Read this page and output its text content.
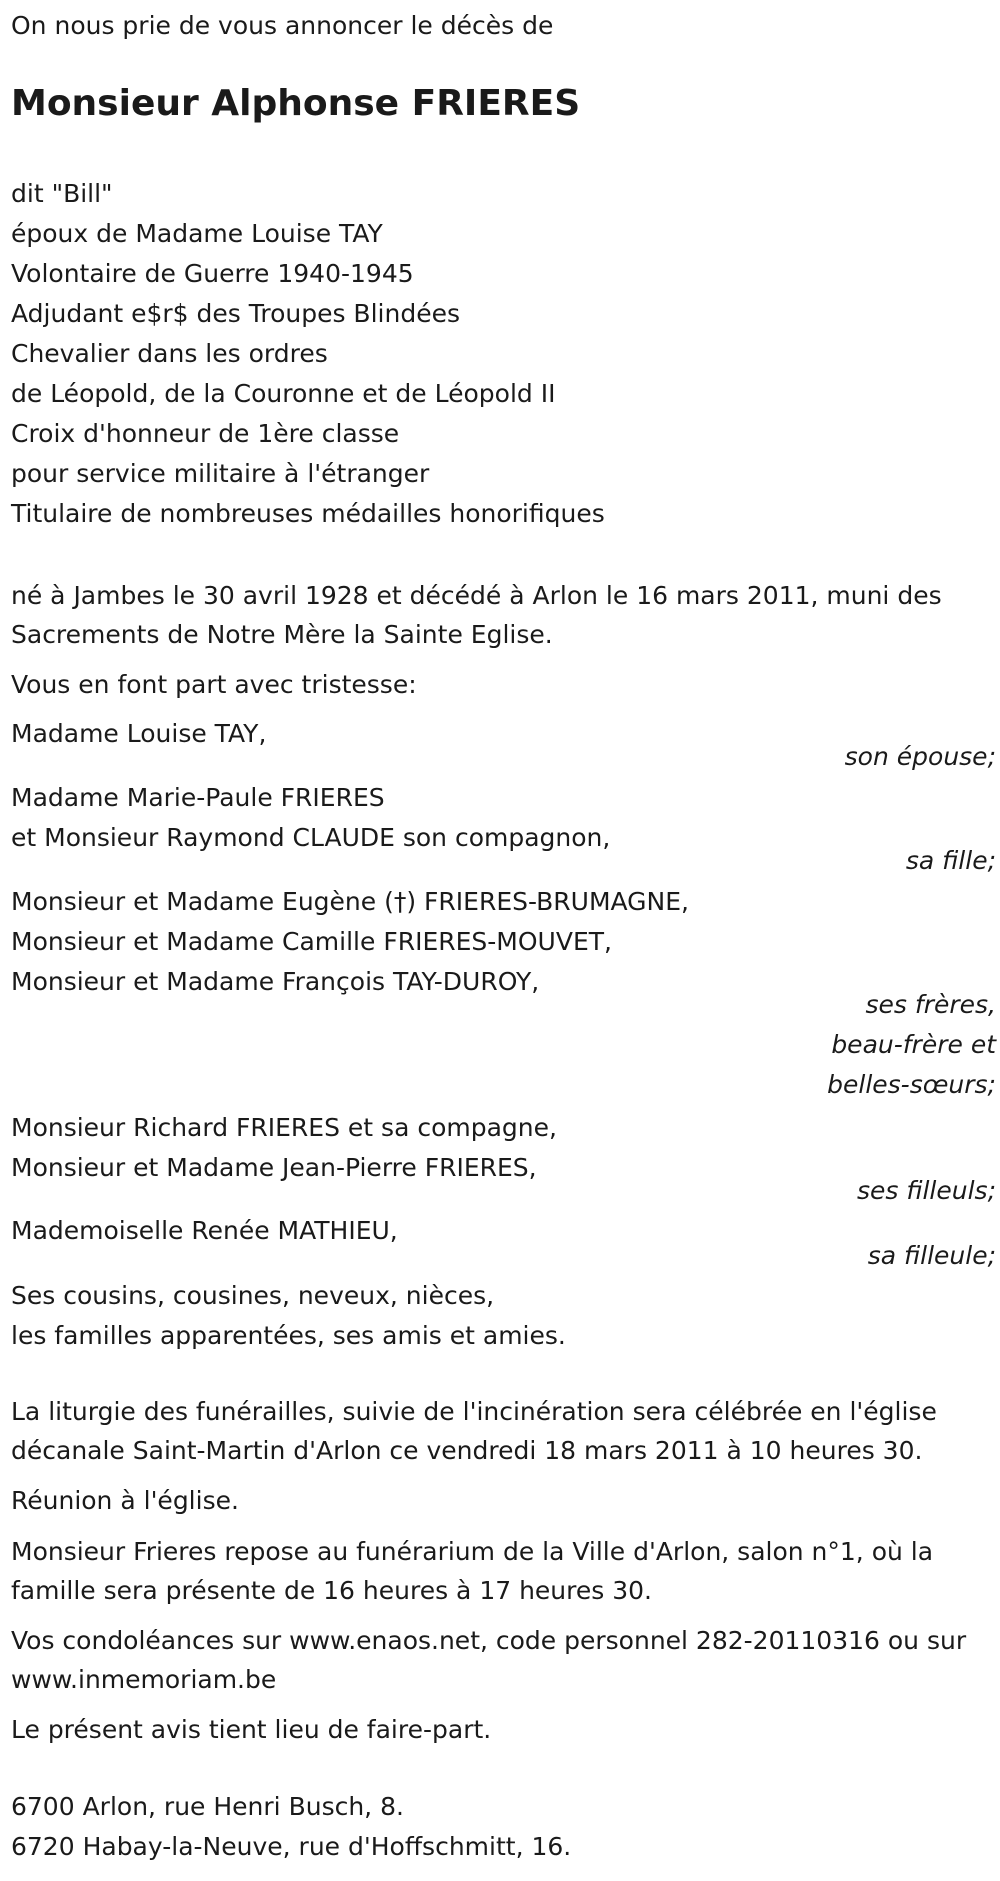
On nous prie de vous annoncer le décès de
Monsieur Alphonse FRIERES
dit "Bill"
époux de Madame Louise TAY
Volontaire de Guerre 1940-1945
Adjudant e$r$ des Troupes Blindées
Chevalier dans les ordres
de Léopold, de la Couronne et de Léopold II
Croix d'honneur de 1ère classe
pour service militaire à l'étranger
Titulaire de nombreuses médailles honorifiques
né à Jambes le 30 avril 1928 et décédé à Arlon le 16 mars 2011, muni des Sacrements de Notre Mère la Sainte Eglise.
Vous en font part avec tristesse:
Madame Louise TAY,
son épouse;
Madame Marie-Paule FRIERES
et Monsieur Raymond CLAUDE son compagnon,
sa fille;
Monsieur et Madame Eugène (†) FRIERES-BRUMAGNE,
Monsieur et Madame Camille FRIERES-MOUVET,
Monsieur et Madame François TAY-DUROY,
ses frères,
beau-frère et
belles-sœurs;
Monsieur Richard FRIERES et sa compagne,
Monsieur et Madame Jean-Pierre FRIERES,
ses filleuls;
Mademoiselle Renée MATHIEU,
sa filleule;
Ses cousins, cousines, neveux, nièces,
les familles apparentées, ses amis et amies.
La liturgie des funérailles, suivie de l'incinération sera célébrée en l'église décanale Saint-Martin d'Arlon ce vendredi 18 mars 2011 à 10 heures 30.
Réunion à l'église.
Monsieur Frieres repose au funérarium de la Ville d'Arlon, salon n°1, où la famille sera présente de 16 heures à 17 heures 30.
Vos condoléances sur www.enaos.net, code personnel 282-20110316 ou sur www.inmemoriam.be
Le présent avis tient lieu de faire-part.
6700 Arlon, rue Henri Busch, 8.
6720 Habay-la-Neuve, rue d'Hoffschmitt, 16.
